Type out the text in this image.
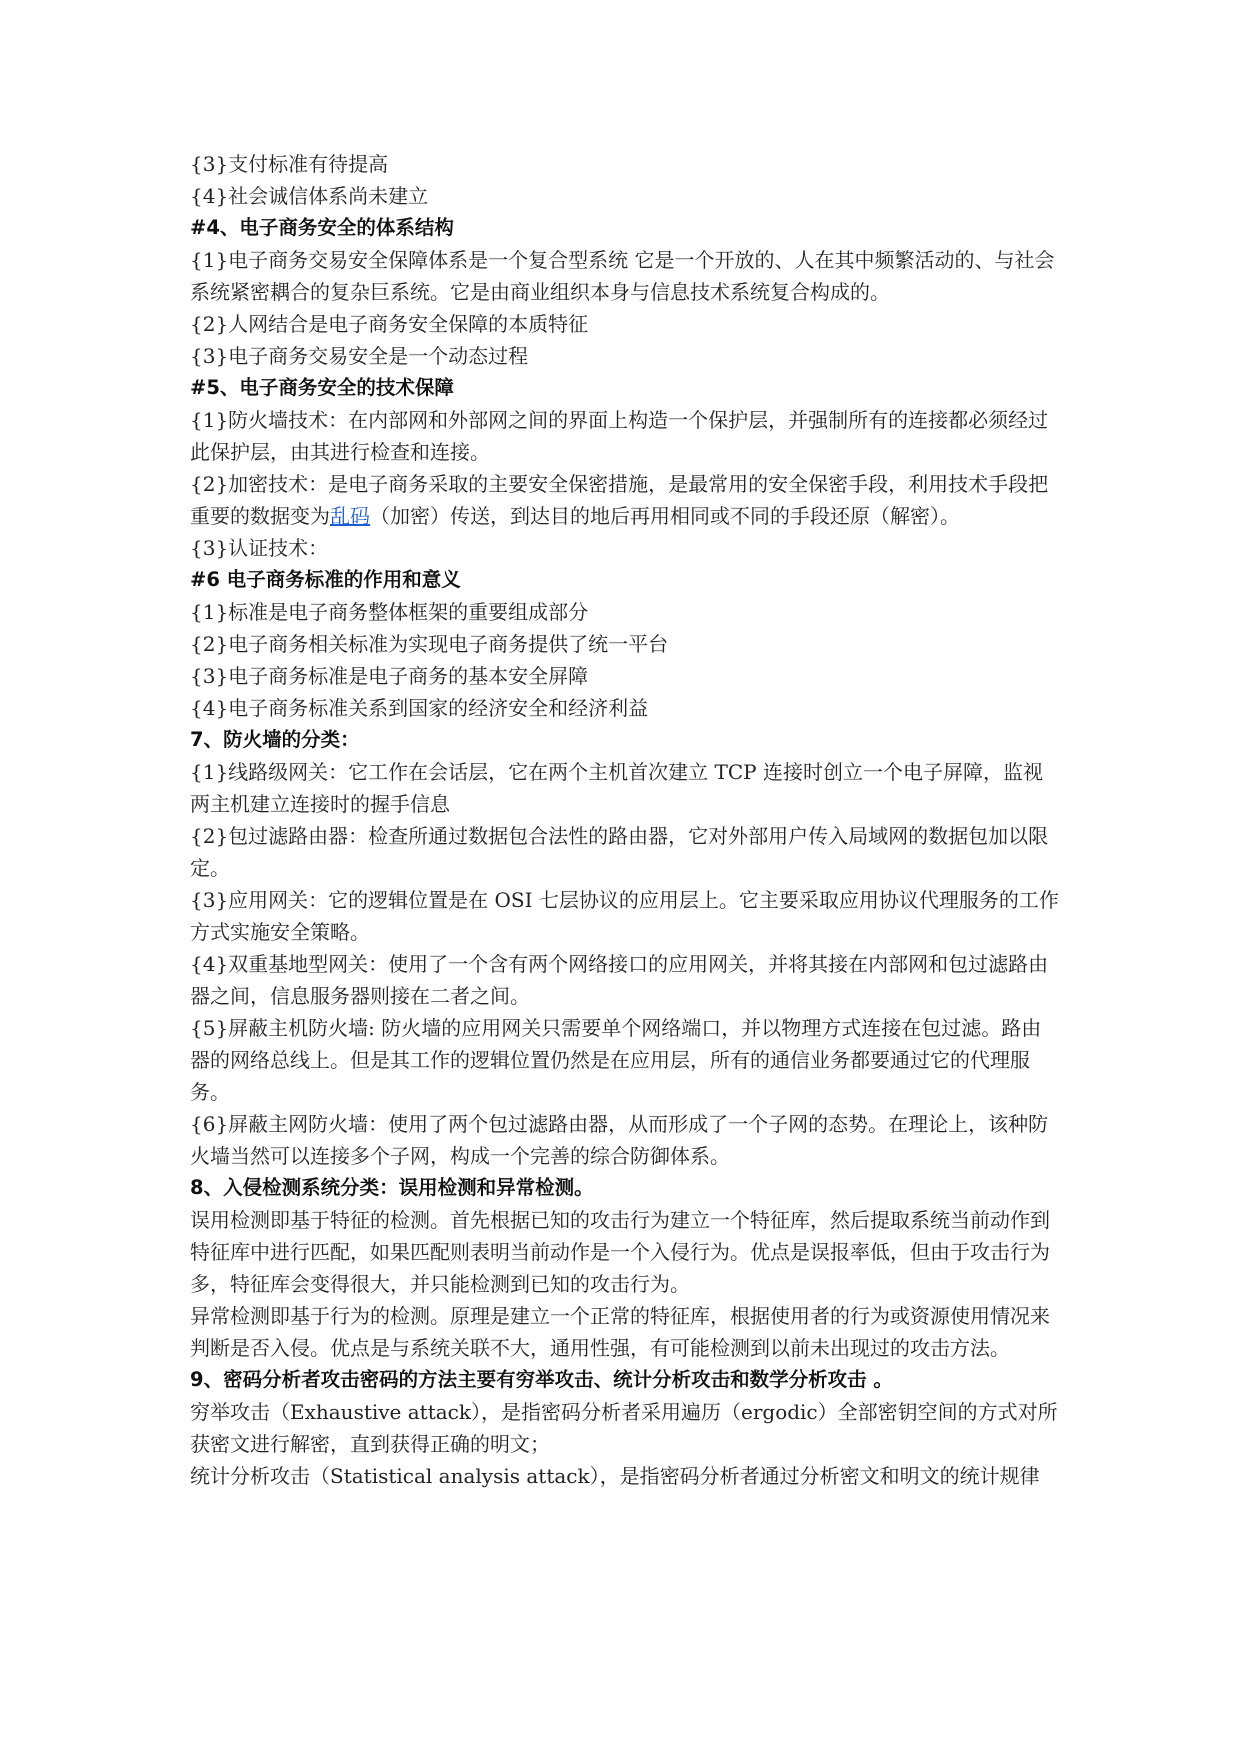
{3}支付标准有待提高

{4}社会诚信体系尚未建立

#4、电子商务安全的体系结构

{1}电子商务交易安全保障体系是一个复合型系统 它是一个开放的、人在其中频繁活动的、与社会系统紧密耦合的复杂巨系统。它是由商业组织本身与信息技术系统复合构成的。

{2}人网结合是电子商务安全保障的本质特征

{3}电子商务交易安全是一个动态过程

#5、电子商务安全的技术保障

{1}防火墙技术：在内部网和外部网之间的界面上构造一个保护层，并强制所有的连接都必须经过此保护层，由其进行检查和连接。

{2}加密技术：是电子商务采取的主要安全保密措施，是最常用的安全保密手段，利用技术手段把重要的数据变为乱码（加密）传送，到达目的地后再用相同或不同的手段还原（解密）。

{3}认证技术：

#6 电子商务标准的作用和意义

{1}标准是电子商务整体框架的重要组成部分

{2}电子商务相关标准为实现电子商务提供了统一平台

{3}电子商务标准是电子商务的基本安全屏障

{4}电子商务标准关系到国家的经济安全和经济利益

7、防火墙的分类：

{1}线路级网关：它工作在会话层，它在两个主机首次建立 TCP 连接时创立一个电子屏障，监视两主机建立连接时的握手信息

{2}包过滤路由器：检查所通过数据包合法性的路由器，它对外部用户传入局域网的数据包加以限定。

{3}应用网关：它的逻辑位置是在 OSI 七层协议的应用层上。它主要采取应用协议代理服务的工作方式实施安全策略。

{4}双重基地型网关：使用了一个含有两个网络接口的应用网关，并将其接在内部网和包过滤路由器之间，信息服务器则接在二者之间。

{5}屏蔽主机防火墙: 防火墙的应用网关只需要单个网络端口，并以物理方式连接在包过滤。路由器的网络总线上。但是其工作的逻辑位置仍然是在应用层，所有的通信业务都要通过它的代理服务。

{6}屏蔽主网防火墙：使用了两个包过滤路由器，从而形成了一个子网的态势。在理论上，该种防火墙当然可以连接多个子网，构成一个完善的综合防御体系。

8、入侵检测系统分类：误用检测和异常检测。

误用检测即基于特征的检测。首先根据已知的攻击行为建立一个特征库，然后提取系统当前动作到特征库中进行匹配，如果匹配则表明当前动作是一个入侵行为。优点是误报率低，但由于攻击行为多，特征库会变得很大，并只能检测到已知的攻击行为。

异常检测即基于行为的检测。原理是建立一个正常的特征库，根据使用者的行为或资源使用情况来判断是否入侵。优点是与系统关联不大，通用性强，有可能检测到以前未出现过的攻击方法。

9、密码分析者攻击密码的方法主要有穷举攻击、统计分析攻击和数学分析攻击 。

穷举攻击（Exhaustive attack），是指密码分析者采用遍历（ergodic）全部密钥空间的方式对所获密文进行解密，直到获得正确的明文；

统计分析攻击（Statistical analysis attack），是指密码分析者通过分析密文和明文的统计规律
